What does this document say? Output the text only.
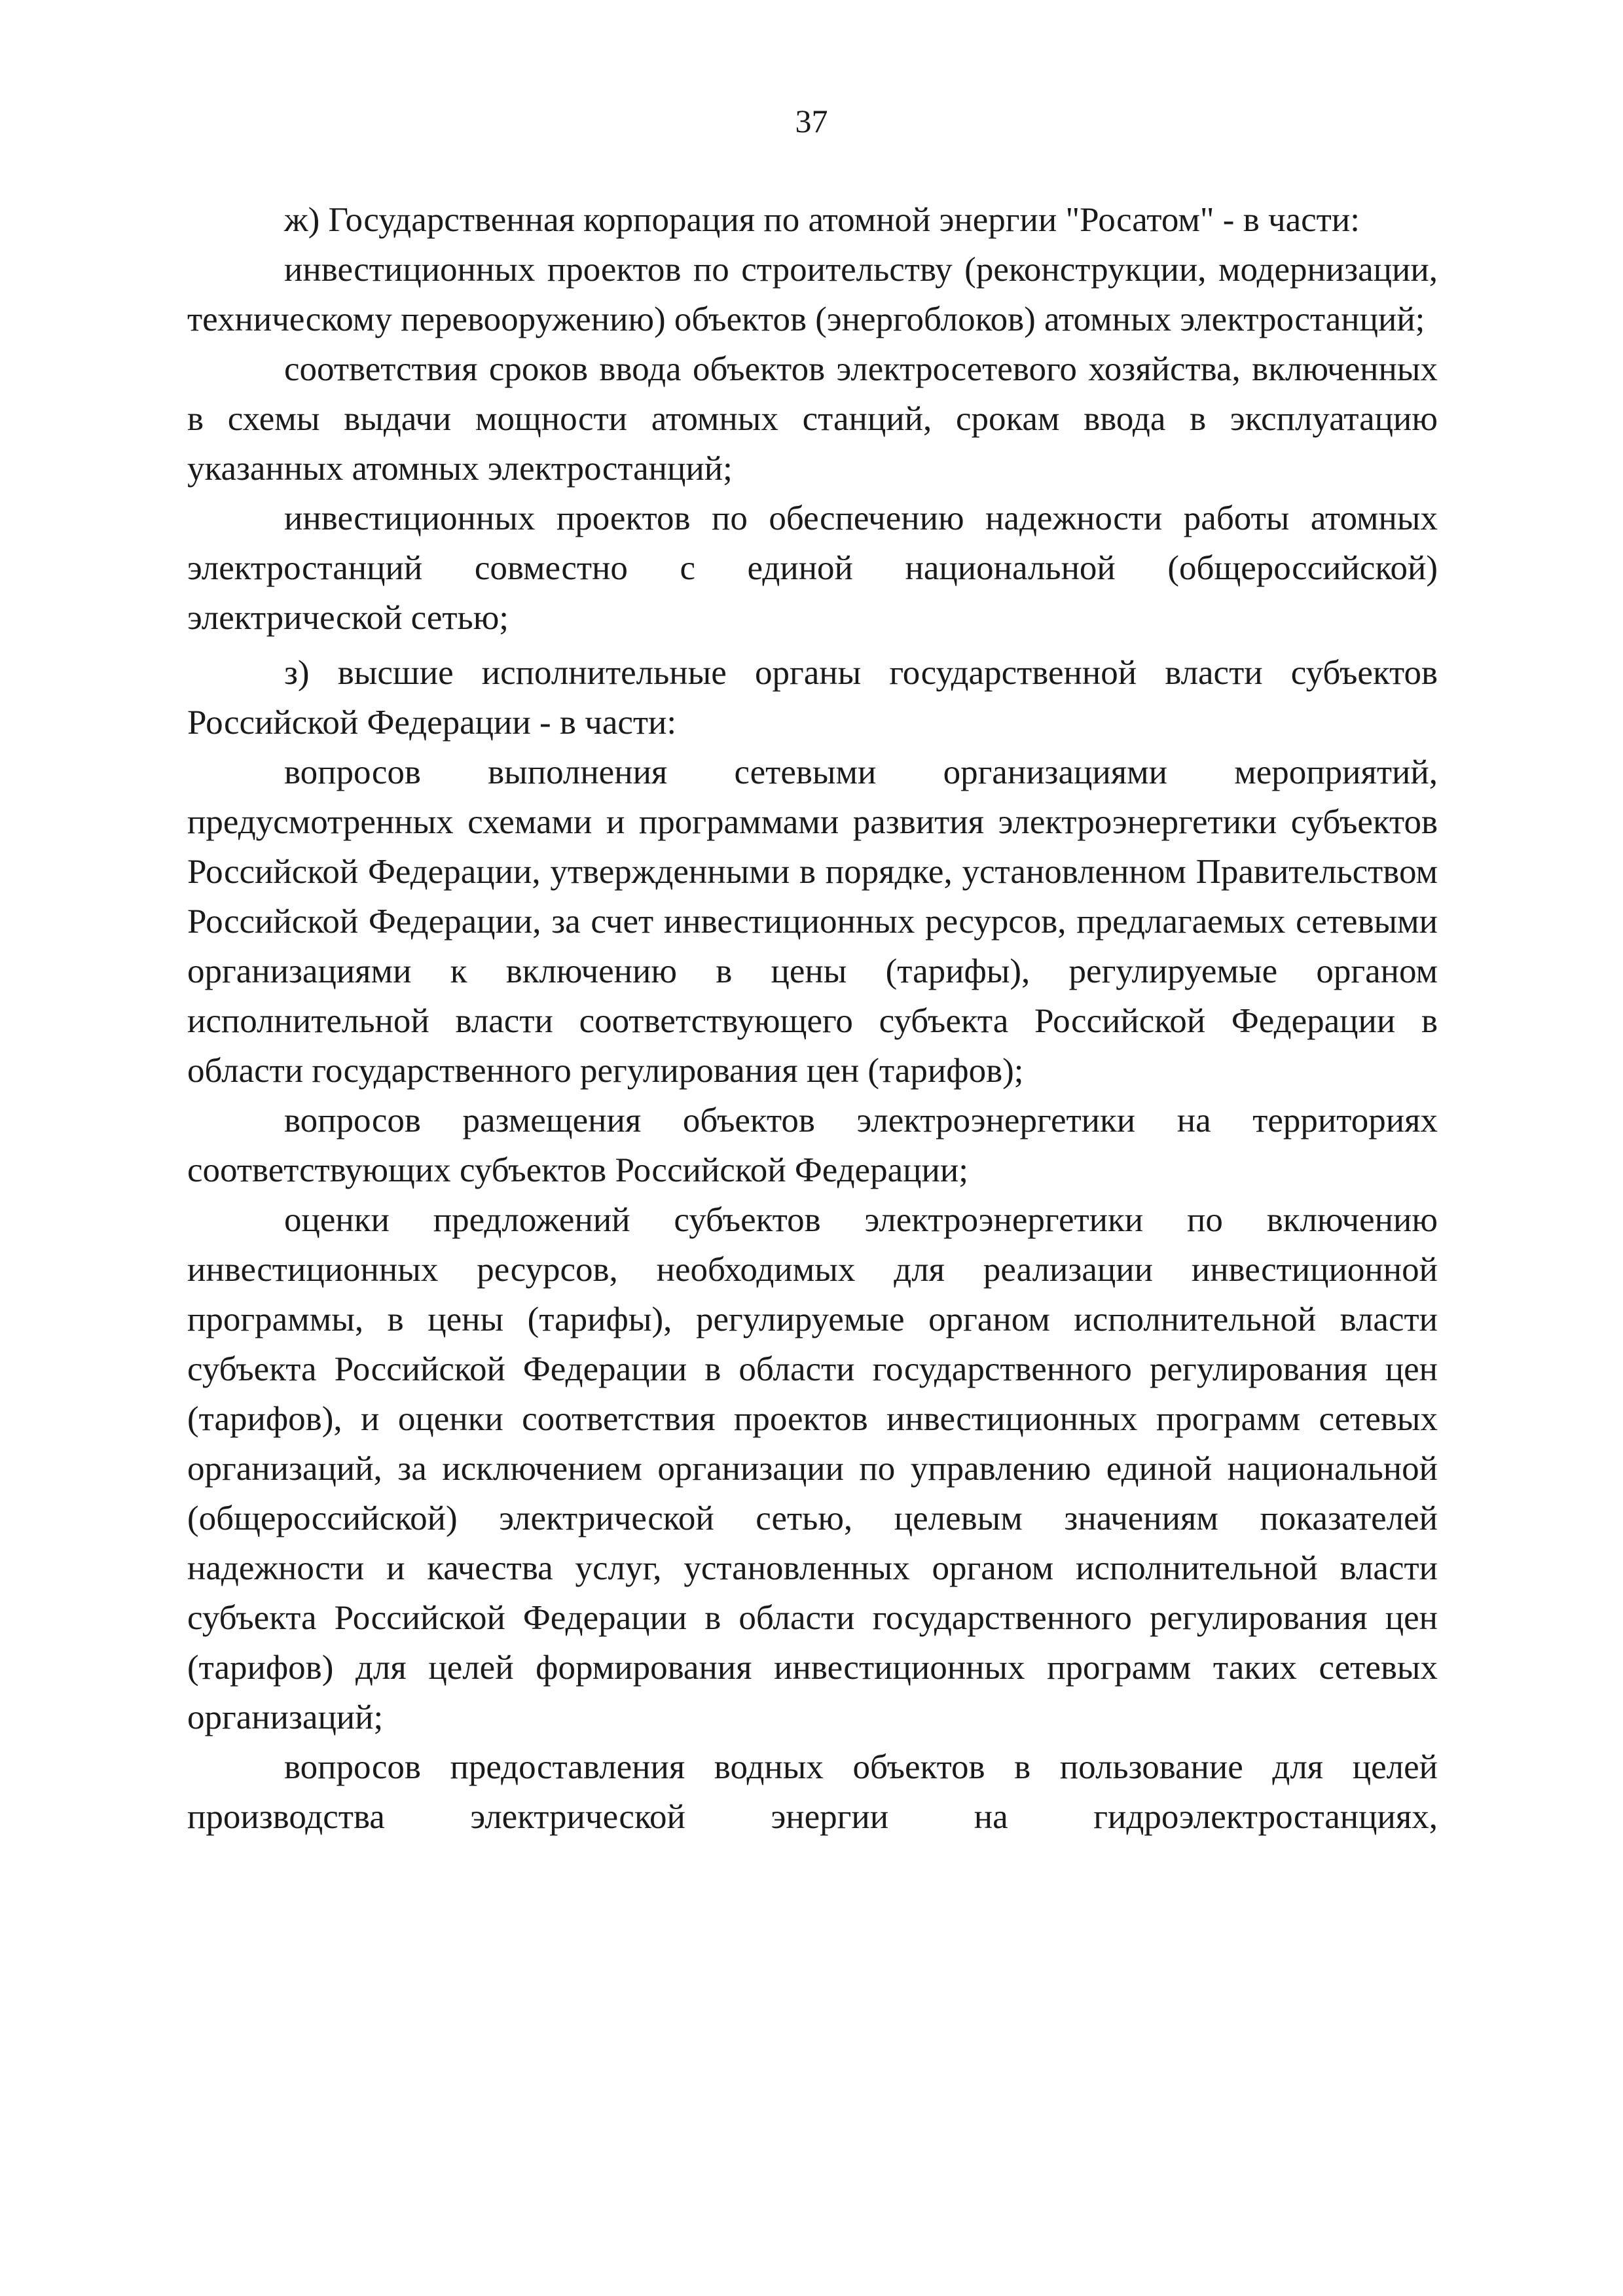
37

ж) Государственная корпорация по атомной энергии "Росатом" - в части:

инвестиционных проектов по строительству (реконструкции, модернизации, техническому перевооружению) объектов (энергоблоков) атомных электростанций;

соответствия сроков ввода объектов электросетевого хозяйства, включенных в схемы выдачи мощности атомных станций, срокам ввода в эксплуатацию указанных атомных электростанций;

инвестиционных проектов по обеспечению надежности работы атомных электростанций совместно с единой национальной (общероссийской) электрической сетью;

з) высшие исполнительные органы государственной власти субъектов Российской Федерации - в части:

вопросов выполнения сетевыми организациями мероприятий, предусмотренных схемами и программами развития электроэнергетики субъектов Российской Федерации, утвержденными в порядке, установленном Правительством Российской Федерации, за счет инвестиционных ресурсов, предлагаемых сетевыми организациями к включению в цены (тарифы), регулируемые органом исполнительной власти соответствующего субъекта Российской Федерации в области государственного регулирования цен (тарифов);

вопросов размещения объектов электроэнергетики на территориях соответствующих субъектов Российской Федерации;

оценки предложений субъектов электроэнергетики по включению инвестиционных ресурсов, необходимых для реализации инвестиционной программы, в цены (тарифы), регулируемые органом исполнительной власти субъекта Российской Федерации в области государственного регулирования цен (тарифов), и оценки соответствия проектов инвестиционных программ сетевых организаций, за исключением организации по управлению единой национальной (общероссийской) электрической сетью, целевым значениям показателей надежности и качества услуг, установленных органом исполнительной власти субъекта Российской Федерации в области государственного регулирования цен (тарифов) для целей формирования инвестиционных программ таких сетевых организаций;

вопросов предоставления водных объектов в пользование для целей производства электрической энергии на гидроэлектростанциях,
